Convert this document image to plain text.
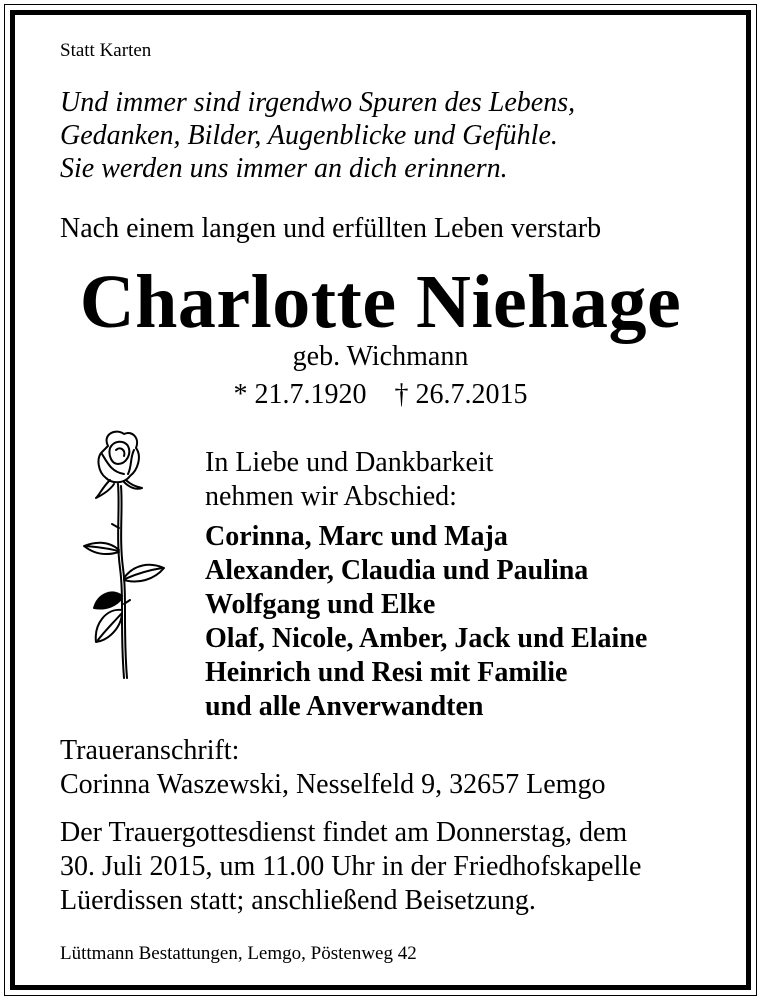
Statt Karten

Und immer sind irgendwo Spuren des Lebens,
Gedanken, Bilder, Augenblicke und Gefühle.
Sie werden uns immer an dich erinnern.

Nach einem langen und erfüllten Leben verstarb

Charlotte Niehage

geb. Wichmann

* 21.7.1920    † 26.7.2015

In Liebe und Dankbarkeit
nehmen wir Abschied:
Corinna, Marc und Maja
Alexander, Claudia und Paulina
Wolfgang und Elke
Olaf, Nicole, Amber, Jack und Elaine
Heinrich und Resi mit Familie
und alle Anverwandten
Traueranschrift:
Corinna Waszewski, Nesselfeld 9, 32657 Lemgo
Der Trauergottesdienst findet am Donnerstag, dem
30. Juli 2015, um 11.00 Uhr in der Friedhofskapelle
Lüerdissen statt; anschließend Beisetzung.

Lüttmann Bestattungen, Lemgo, Pöstenweg 42
